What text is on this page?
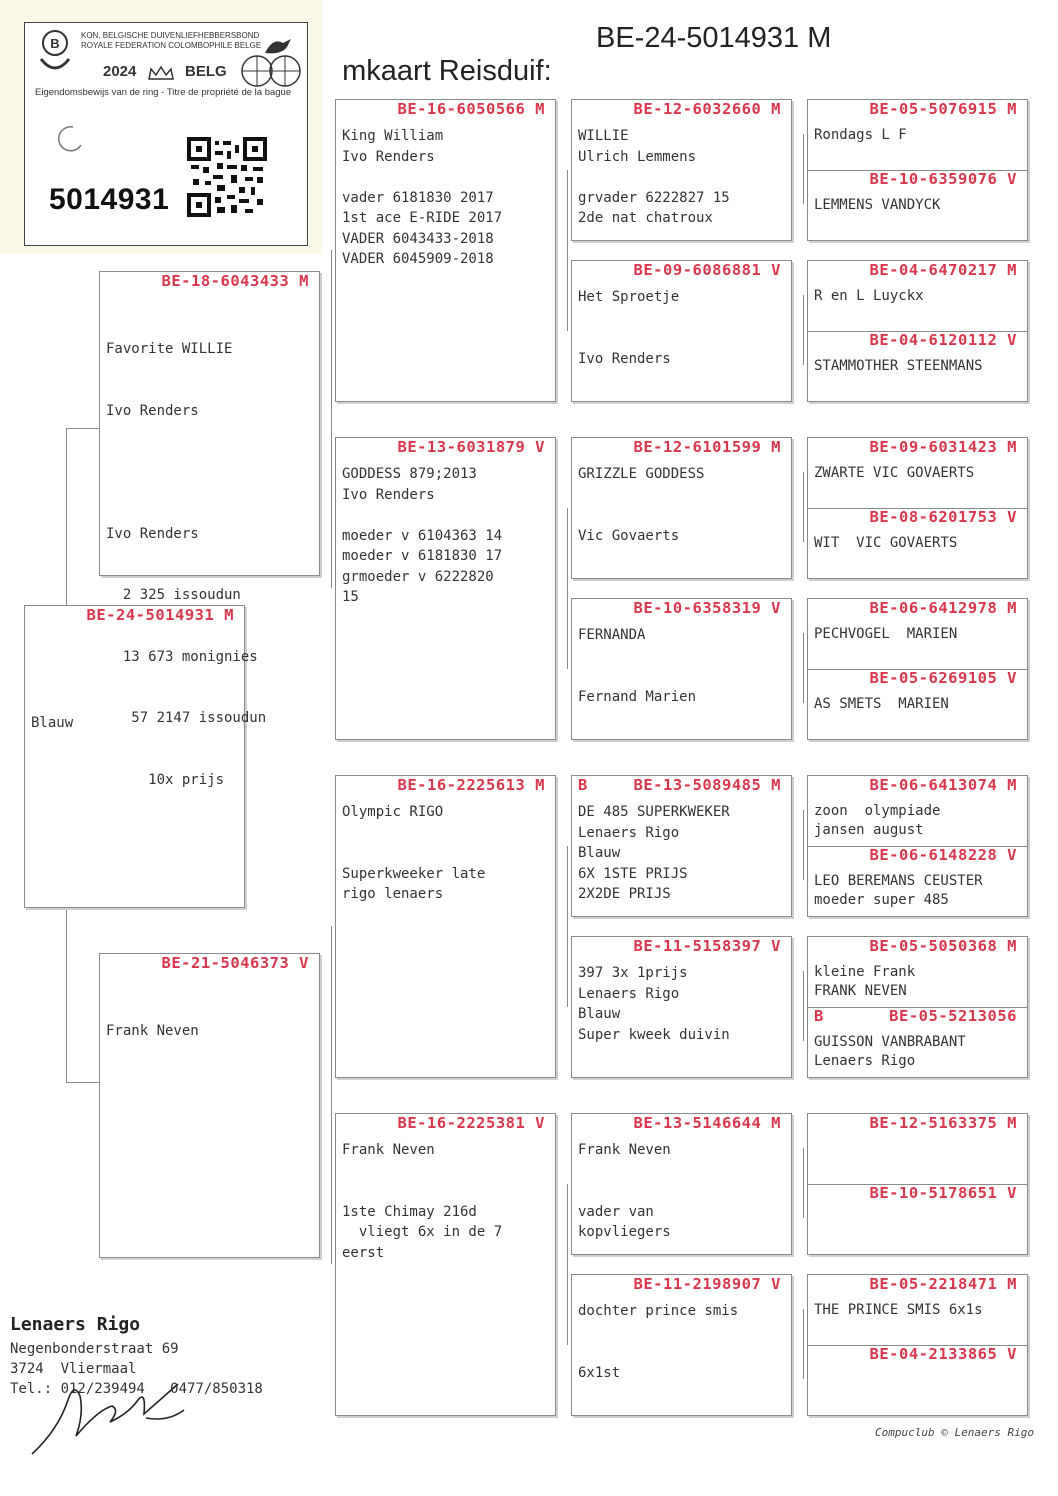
B
KON. BELGISCHE DUIVENLIEFHEBBERSBOND
ROYALE FEDERATION COLOMBOPHILE BELGE
2024	BELG
Eigendomsbewijs van de ring - Titre de propriété de la bague
5014931

mkaart Reisduif:

BE-24-5014931 M

BE-24-5014931 M

Blauw

BE-18-6043433 M

Favorite WILLIE

Ivo Renders

Ivo Renders

2 325 issoudun

13 673 monignies

57 2147 issoudun

10x prijs

BE-21-5046373 V

Frank Neven

BE-16-6050566 M
King William
Ivo Renders

vader 6181830 2017
1st ace E-RIDE 2017
VADER 6043433-2018
VADER 6045909-2018
BE-13-6031879 V
GODDESS 879;2013
Ivo Renders

moeder v 6104363 14
moeder v 6181830 17
grmoeder v 6222820
15
BE-16-2225613 M
Olympic RIGO

Superkweeker late
rigo lenaers
BE-16-2225381 V
Frank Neven

1ste Chimay 216d
vliegt 6x in de 7
eerst
BE-12-6032660 M
WILLIE
Ulrich Lemmens

grvader 6222827 15
2de nat chatroux
BE-09-6086881 V
Het Sproetje

Ivo Renders
BE-12-6101599 M
GRIZZLE GODDESS

Vic Govaerts
BE-10-6358319 V
FERNANDA

Fernand Marien
B	BE-13-5089485 M
DE 485 SUPERKWEKER
Lenaers Rigo
Blauw
6X 1STE PRIJS
2X2DE PRIJS
BE-11-5158397 V
397 3x 1prijs
Lenaers Rigo
Blauw
Super kweek duivin
BE-13-5146644 M
Frank Neven

vader van
kopvliegers
BE-11-2198907 V
dochter prince smis

6x1st
BE-05-5076915 M
Rondags L F
BE-10-6359076 V
LEMMENS VANDYCK
BE-04-6470217 M
R en L Luyckx
BE-04-6120112 V
STAMMOTHER STEENMANS
BE-09-6031423 M
ZWARTE VIC GOVAERTS
BE-08-6201753 V
WIT  VIC GOVAERTS
BE-06-6412978 M
PECHVOGEL  MARIEN
BE-05-6269105 V
AS SMETS  MARIEN
BE-06-6413074 M
zoon  olympiade
jansen august
BE-06-6148228 V
LEO BEREMANS CEUSTER
moeder super 485
BE-05-5050368 M
kleine Frank
FRANK NEVEN
B	BE-05-5213056
GUISSON VANBRABANT
Lenaers Rigo
BE-12-5163375 M

BE-10-5178651 V

BE-05-2218471 M
THE PRINCE SMIS 6x1s
BE-04-2133865 V

Lenaers Rigo
Negenbonderstraat 69
3724  Vliermaal
Tel.: 012/239494   0477/850318
Compuclub © Lenaers Rigo
